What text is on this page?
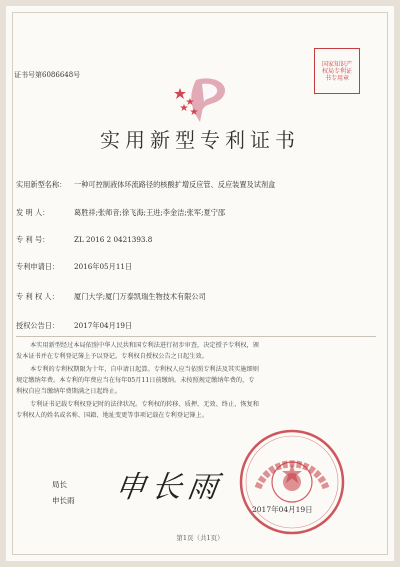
证书号第6086648号
国家知识产权局专利证书专用章
实用新型专利证书
实用新型名称： 一种可控制液体环流路径的核酸扩增反应管、反应装置及试剂盒
发 明 人：	葛胜祥;张师音;徐飞海;王进;李金洁;张军;夏宁邵
专 利 号：	ZL 2016 2 0421393.8
专利申请日： 2016年05月11日
专 利 权 人： 厦门大学;厦门万泰凯瑞生物技术有限公司
授权公告日： 2017年04月19日
本实用新型经过本局依照中华人民共和国专利法进行初步审查，决定授予专利权，颁
发本证书并在专利登记簿上予以登记。专利权自授权公告之日起生效。
本专利的专利权期限为十年，自申请日起算。专利权人应当依照专利法及其实施细则
规定缴纳年费。本专利的年费应当在每年05月11日前缴纳。未按照规定缴纳年费的，专
利权自应当缴纳年费期满之日起终止。
专利证书记载专利权登记时的法律状况。专利权的转移、质押、无效、终止、恢复和
专利权人的姓名或名称、国籍、地址变更等事项记载在专利登记簿上。
局长
申长雨 申长雨
2017年04月19日
第1页（共1页）
